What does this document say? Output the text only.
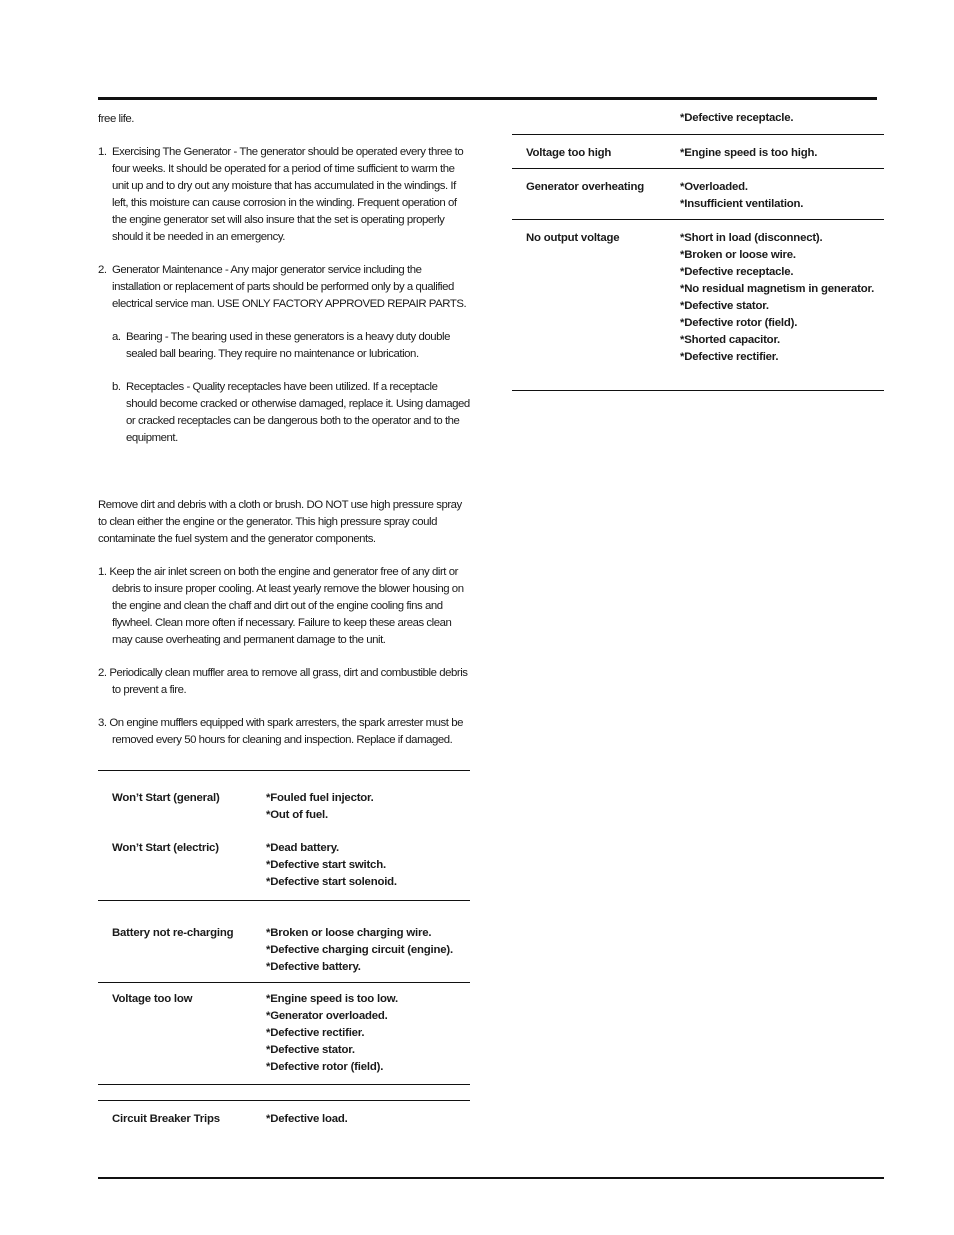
free life.

1. Exercising The Generator - The generator should be operated every three to four weeks. It should be operated for a period of time sufficient to warm the unit up and to dry out any moisture that has accumulated in the windings. If left, this moisture can cause corrosion in the winding. Frequent operation of the engine generator set will also insure that the set is operating properly should it be needed in an emergency.

2. Generator Maintenance - Any major generator service including the installation or replacement of parts should be performed only by a qualified electrical service man. USE ONLY FACTORY APPROVED REPAIR PARTS.

a. Bearing - The bearing used in these generators is a heavy duty double sealed ball bearing. They require no maintenance or lubrication.

b. Receptacles - Quality receptacles have been utilized. If a receptacle should become cracked or otherwise damaged, replace it. Using damaged or cracked receptacles can be dangerous both to the operator and to the equipment.

Remove dirt and debris with a cloth or brush. DO NOT use high pressure spray to clean either the engine or the generator. This high pressure spray could contaminate the fuel system and the generator components.

1. Keep the air inlet screen on both the engine and generator free of any dirt or debris to insure proper cooling. At least yearly remove the blower housing on the engine and clean the chaff and dirt out of the engine cooling fins and flywheel. Clean more often if necessary. Failure to keep these areas clean may cause overheating and permanent damage to the unit.

2. Periodically clean muffler area to remove all grass, dirt and combustible debris to prevent a fire.

3. On engine mufflers equipped with spark arresters, the spark arrester must be removed every 50 hours for cleaning and inspection. Replace if damaged.

Won’t Start (general)	*Fouled fuel injector.
*Out of fuel.
Won’t Start (electric)	*Dead battery.
*Defective start switch.
*Defective start solenoid.
Battery not re-charging	*Broken or loose charging wire.
*Defective charging circuit (engine).
*Defective battery.
Voltage too low	*Engine speed is too low.
*Generator overloaded.
*Defective rectifier.
*Defective stator.
*Defective rotor (field).
Circuit Breaker Trips	*Defective load.
*Defective receptacle.
Voltage too high	*Engine speed is too high.
Generator overheating	*Overloaded.
*Insufficient ventilation.
No output voltage	*Short in load (disconnect).
*Broken or loose wire.
*Defective receptacle.
*No residual magnetism in generator.
*Defective stator.
*Defective rotor (field).
*Shorted capacitor.
*Defective rectifier.
